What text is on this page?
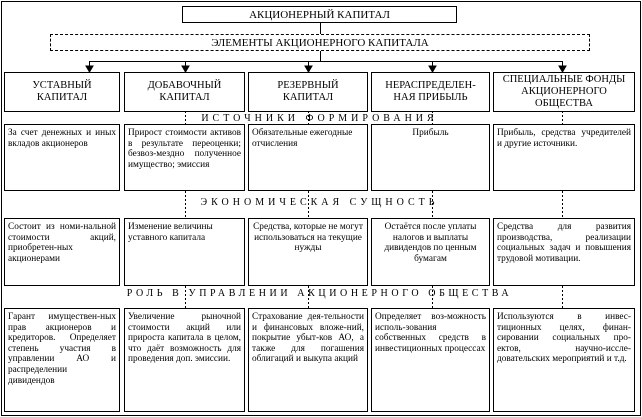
АКЦИОНЕРНЫЙ КАПИТАЛ
ЭЛЕМЕНТЫ АКЦИОНЕРНОГО КАПИТАЛА
УСТАВНЫЙ КАПИТАЛ
ДОБАВОЧНЫЙ КАПИТАЛ
РЕЗЕРВНЫЙ КАПИТАЛ
НЕРАСПРЕДЕЛЕН-НАЯ ПРИБЫЛЬ
СПЕЦИАЛЬНЫЕ ФОНДЫ АКЦИОНЕРНОГО ОБЩЕСТВА
ИСТОЧНИКИ ФОРМИРОВАНИЯ
За счет денежных и иных вкладов акционеров
Прирост стоимости активов в результате переоценки; безвоз-мездно полученное имущество; эмиссия
Обязательные ежегодные отчисления
Прибыль	Прибыль, средства учредителей и другие источники.
ЭКОНОМИЧЕСКАЯ СУЩНОСТЬ
Состоит из номи-нальной стоимости акций, приобретен-ных акционерами
Изменение величины уставного капитала
Средства, которые не могут использоваться на текущие нужды
Остаётся после уплаты налогов и выплаты дивидендов по ценным бумагам
Средства для развития производства, реализации социальных задач и повышения трудовой мотивации.
РОЛЬ В УПРАВЛЕНИИ АКЦИОНЕРНОГО ОБЩЕСТВА
Гарант имуществен-ных прав акционеров и кредиторов. Определяет степень участия в управлении АО и распределении дивидендов
Увеличение рыночной стоимости акций или прироста капитала в целом, что даёт возможность для проведения доп. эмиссии.
Страхование дея-тельности и финансовых вложе-ний, покрытие убыт-ков АО, а также для погашения облигаций и выкупа акций
Определяет воз-можность исполь-зования собственных средств в инвестиционных процессах
Используются в инвес-тиционных целях, финан-сировании социальных про-ектов, научно-иссле-довательских мероприятий и т.д.
